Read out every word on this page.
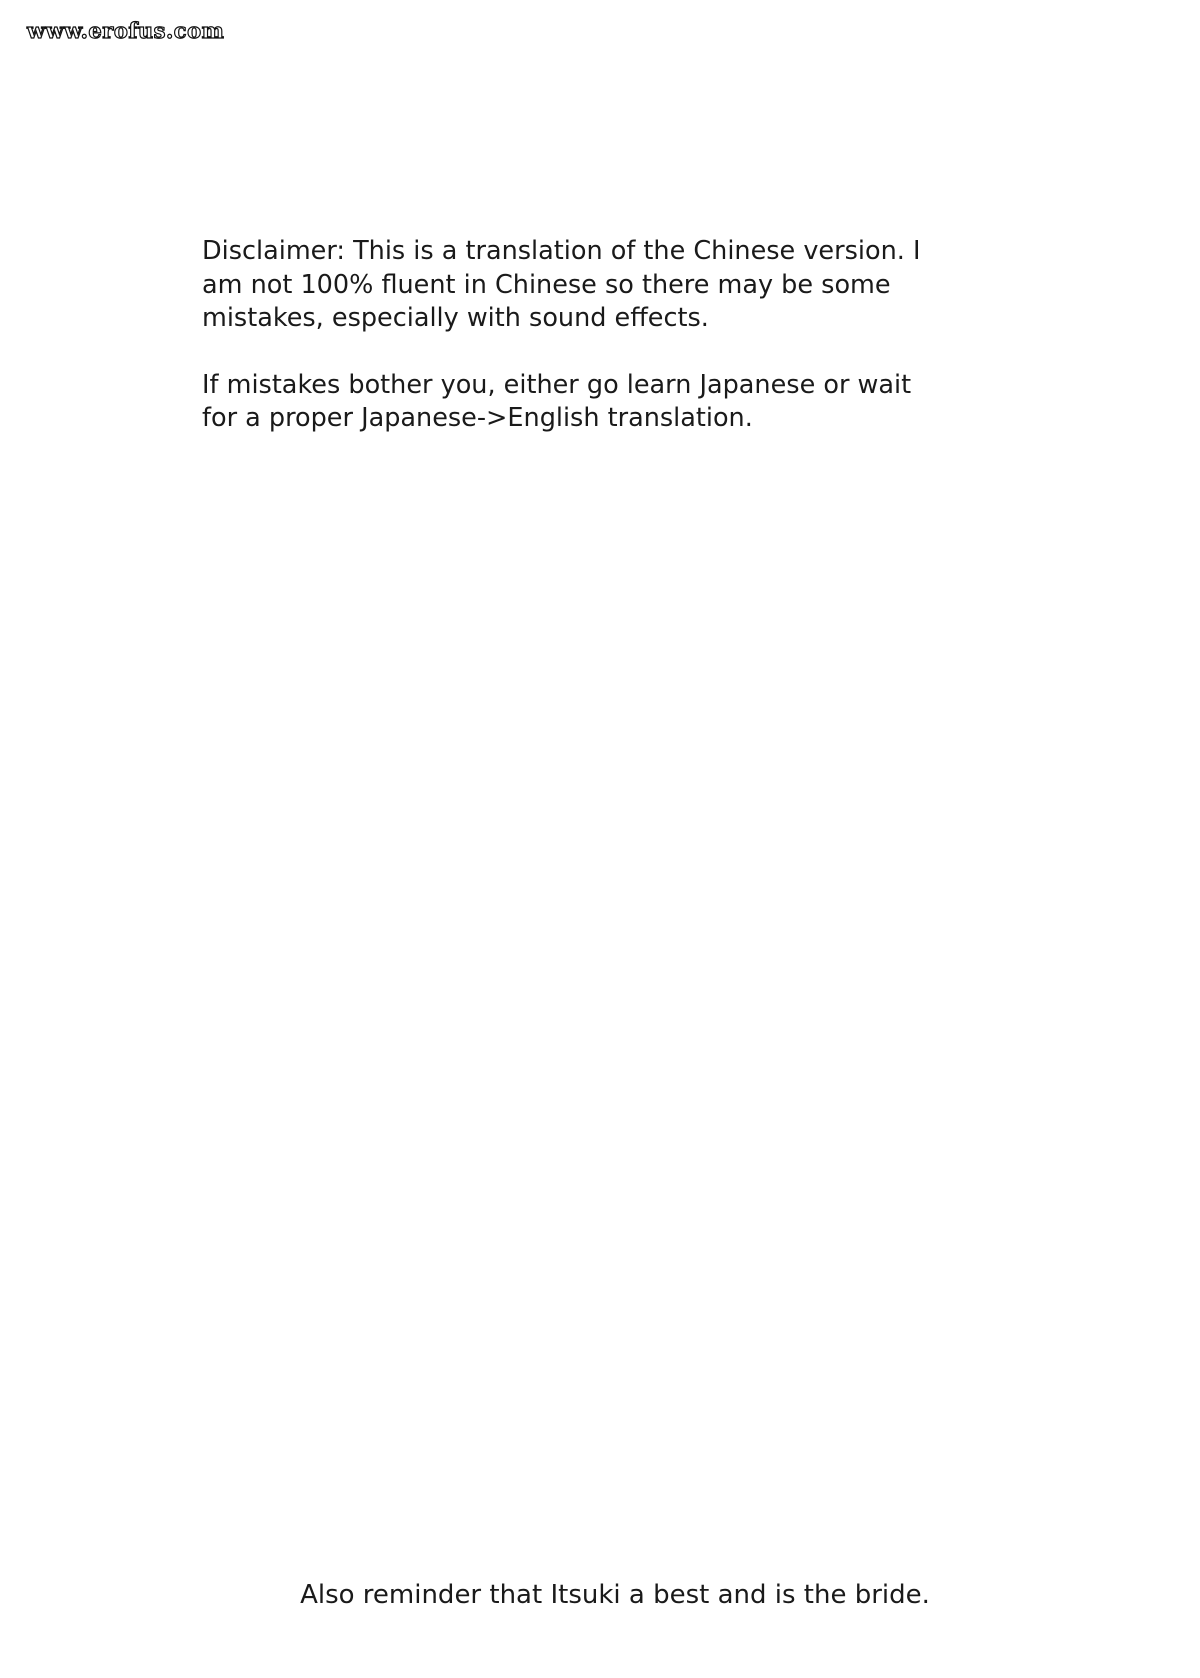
www.erofus.com

Disclaimer: This is a translation of the Chinese version. I
am not 100% fluent in Chinese so there may be some
mistakes, especially with sound effects.

If mistakes bother you, either go learn Japanese or wait
for a proper Japanese->English translation.

Also reminder that Itsuki a best and is the bride.
